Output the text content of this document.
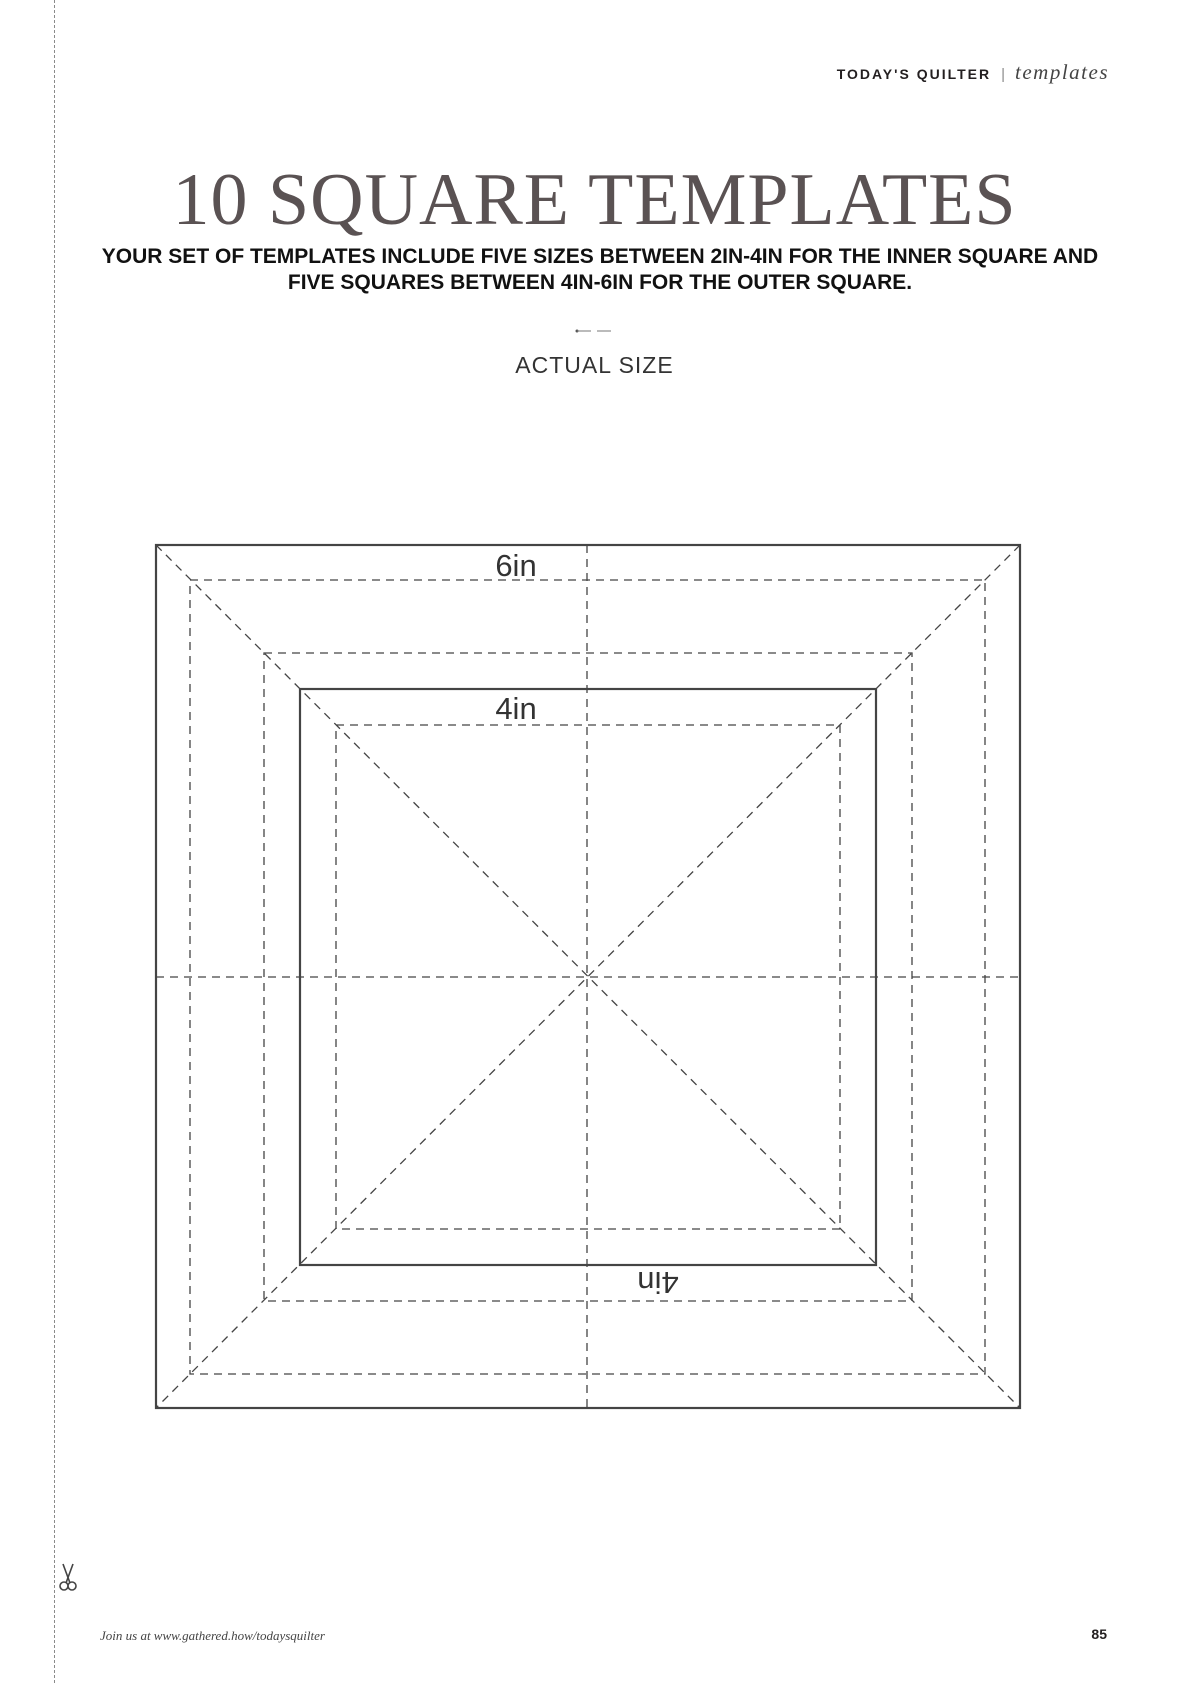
TODAY'S QUILTER | templates
10 SQUARE TEMPLATES

YOUR SET OF TEMPLATES INCLUDE FIVE SIZES BETWEEN 2IN-4IN FOR THE INNER SQUARE AND FIVE SQUARES BETWEEN 4IN-6IN FOR THE OUTER SQUARE.

ACTUAL SIZE
6in
4in
4in
Join us at www.gathered.how/todaysquilter	85
